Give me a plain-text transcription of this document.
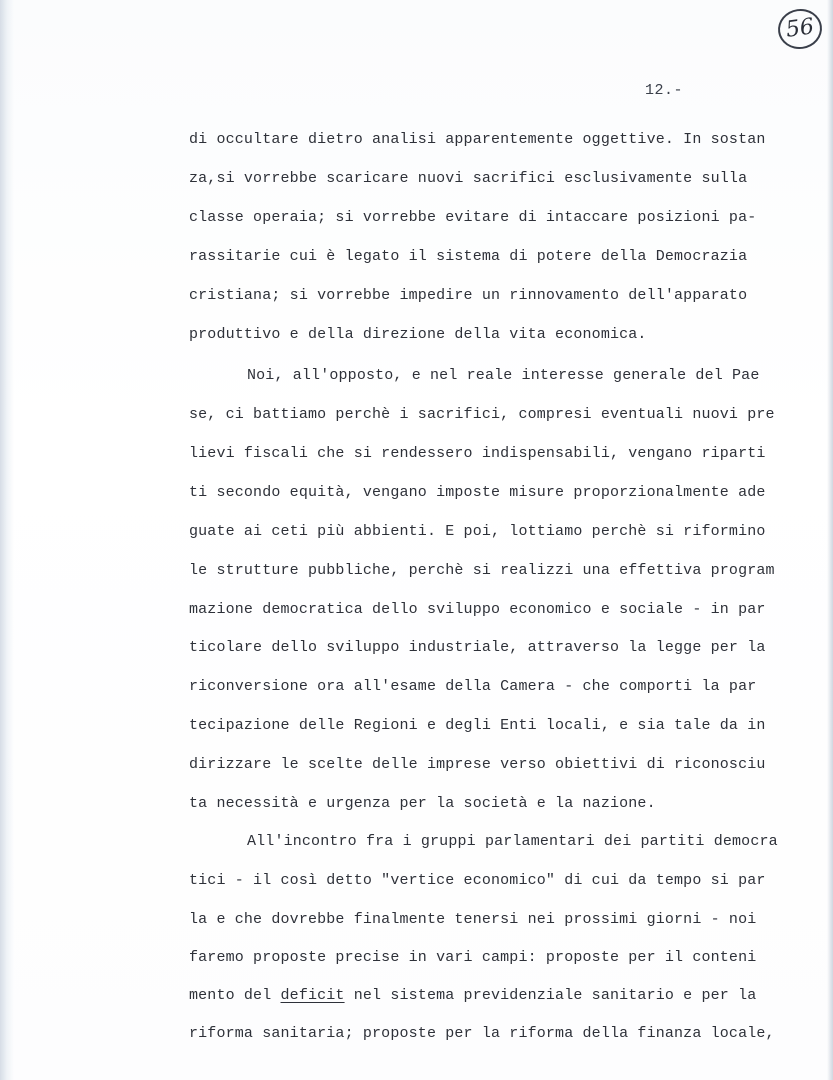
56
12.-
di occultare dietro analisi apparentemente oggettive. In sostan
za,si vorrebbe scaricare nuovi sacrifici esclusivamente sulla
classe operaia; si vorrebbe evitare di intaccare posizioni pa-
rassitarie cui è legato il sistema di potere della Democrazia
cristiana; si vorrebbe impedire un rinnovamento dell'apparato
produttivo e della direzione della vita economica.
Noi, all'opposto, e nel reale interesse generale del Pae
se, ci battiamo perchè i sacrifici, compresi eventuali nuovi pre
lievi fiscali che si rendessero indispensabili, vengano riparti
ti secondo equità, vengano imposte misure proporzionalmente ade
guate ai ceti più abbienti. E poi, lottiamo perchè si riformino
le strutture pubbliche, perchè si realizzi una effettiva program
mazione democratica dello sviluppo economico e sociale - in par
ticolare dello sviluppo industriale, attraverso la legge per la
riconversione ora all'esame della Camera - che comporti la par
tecipazione delle Regioni e degli Enti locali, e sia tale da in
dirizzare le scelte delle imprese verso obiettivi di riconosciu
ta necessità e urgenza per la società e la nazione.
All'incontro fra i gruppi parlamentari dei partiti democra
tici - il così detto "vertice economico" di cui da tempo si par
la e che dovrebbe finalmente tenersi nei prossimi giorni - noi
faremo proposte precise in vari campi: proposte per il conteni
mento del deficit nel sistema previdenziale sanitario e per la
riforma sanitaria; proposte per la riforma della finanza locale,
